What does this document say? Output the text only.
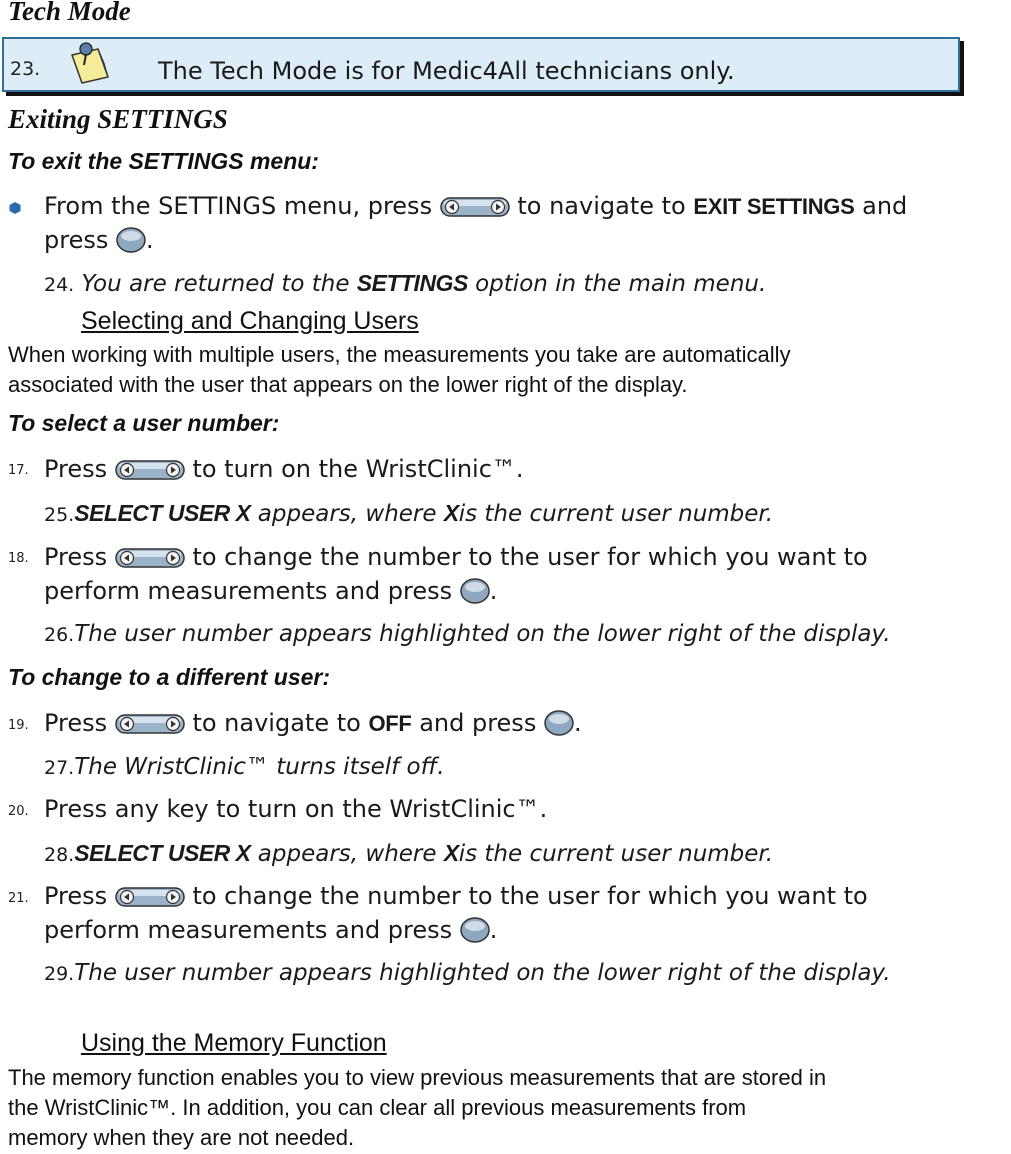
Tech Mode
23.	The Tech Mode is for Medic4All technicians only.
Exiting SETTINGS
To exit the SETTINGS menu:
From the SETTINGS menu, press	to navigate to EXIT SETTINGS and
press .
24. You are returned to the SETTINGS option in the main menu.
Selecting and Changing Users
When working with multiple users, the measurements you take are automatically
associated with the user that appears on the lower right of the display.
To select a user number:
17. Press	to turn on the WristClinic™.
25.SELECT USER X appears, where Xis the current user number.
18. Press	to change the number to the user for which you want to
perform measurements and press .
26.The user number appears highlighted on the lower right of the display.
To change to a different user:
19. Press	to navigate to OFF and press .
27.The WristClinic™ turns itself off.
20. Press any key to turn on the WristClinic™.
28.SELECT USER X appears, where Xis the current user number.
21. Press	to change the number to the user for which you want to
perform measurements and press .
29.The user number appears highlighted on the lower right of the display.
Using the Memory Function
The memory function enables you to view previous measurements that are stored in
the WristClinic™. In addition, you can clear all previous measurements from
memory when they are not needed.
